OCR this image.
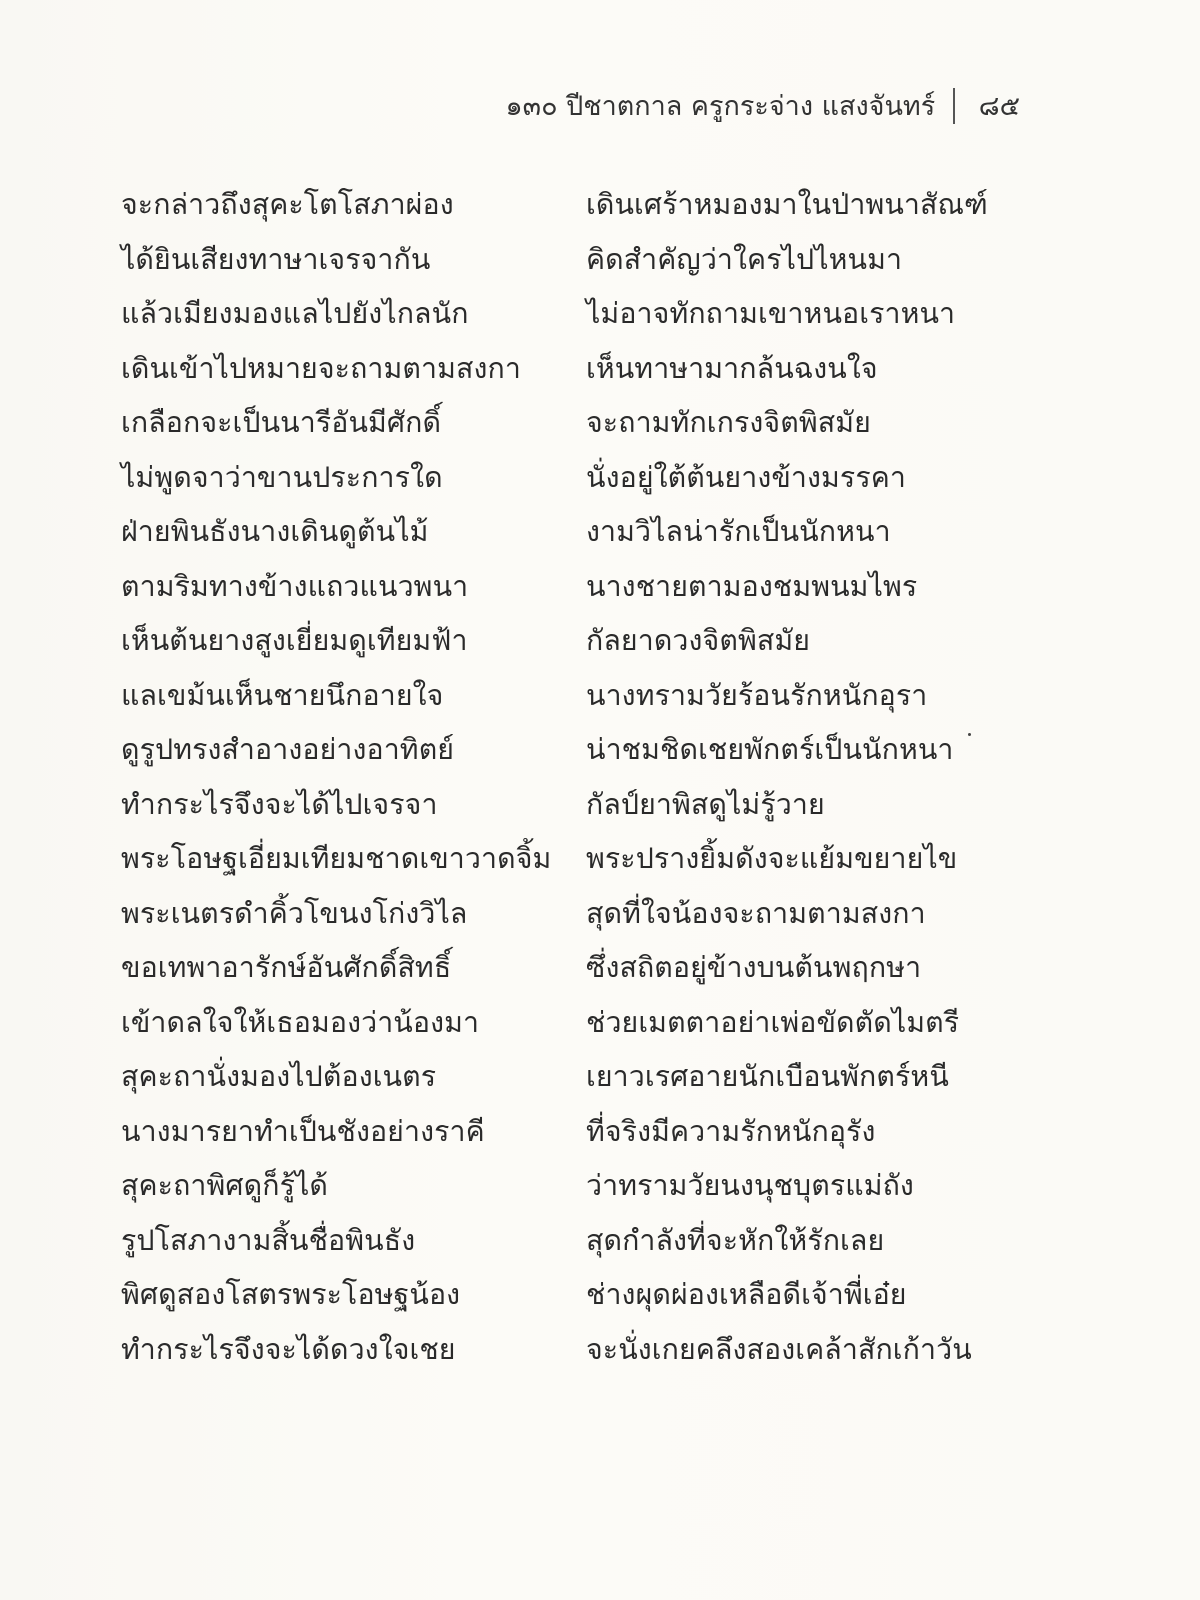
๑๓๐ ปีชาตกาล ครูกระจ่าง แสงจันทร์ ๘๕
จะกล่าวถึงสุคะโตโสภาผ่อง
ได้ยินเสียงทาษาเจรจากัน
แล้วเมียงมองแลไปยังไกลนัก
เดินเข้าไปหมายจะถามตามสงกา
เกลือกจะเป็นนารีอันมีศักดิ์
ไม่พูดจาว่าขานประการใด
ฝ่ายพินธังนางเดินดูต้นไม้
ตามริมทางข้างแถวแนวพนา
เห็นต้นยางสูงเยี่ยมดูเทียมฟ้า
แลเขม้นเห็นชายนึกอายใจ
ดูรูปทรงสำอางอย่างอาทิตย์
ทำกระไรจึงจะได้ไปเจรจา
พระโอษฐเอี่ยมเทียมชาดเขาวาดจิ้ม
พระเนตรดำคิ้วโขนงโก่งวิไล
ขอเทพาอารักษ์อันศักดิ์สิทธิ์
เข้าดลใจให้เธอมองว่าน้องมา
สุคะถานั่งมองไปต้องเนตร
นางมารยาทำเป็นชังอย่างราคี
สุคะถาพิศดูก็รู้ได้
รูปโสภางามสิ้นชื่อพินธัง
พิศดูสองโสตรพระโอษฐน้อง
ทำกระไรจึงจะได้ดวงใจเชย
เดินเศร้าหมองมาในป่าพนาสัณฑ์
คิดสำคัญว่าใครไปไหนมา
ไม่อาจทักถามเขาหนอเราหนา
เห็นทาษามากล้นฉงนใจ
จะถามทักเกรงจิตพิสมัย
นั่งอยู่ใต้ต้นยางข้างมรรคา
งามวิไลน่ารักเป็นนักหนา
นางชายตามองชมพนมไพร
กัลยาดวงจิตพิสมัย
นางทรามวัยร้อนรักหนักอุรา
น่าชมชิดเชยพักตร์เป็นนักหนา
กัลป์ยาพิสดูไม่รู้วาย
พระปรางยิ้มดังจะแย้มขยายไข
สุดที่ใจน้องจะถามตามสงกา
ซึ่งสถิตอยู่ข้างบนต้นพฤกษา
ช่วยเมตตาอย่าเพ่อขัดตัดไมตรี
เยาวเรศอายนักเบือนพักตร์หนี
ที่จริงมีความรักหนักอุรัง
ว่าทรามวัยนงนุชบุตรแม่ถัง
สุดกำลังที่จะหักให้รักเลย
ช่างผุดผ่องเหลือดีเจ้าพี่เอ๋ย
จะนั่งเกยคลึงสองเคล้าสักเก้าวัน
